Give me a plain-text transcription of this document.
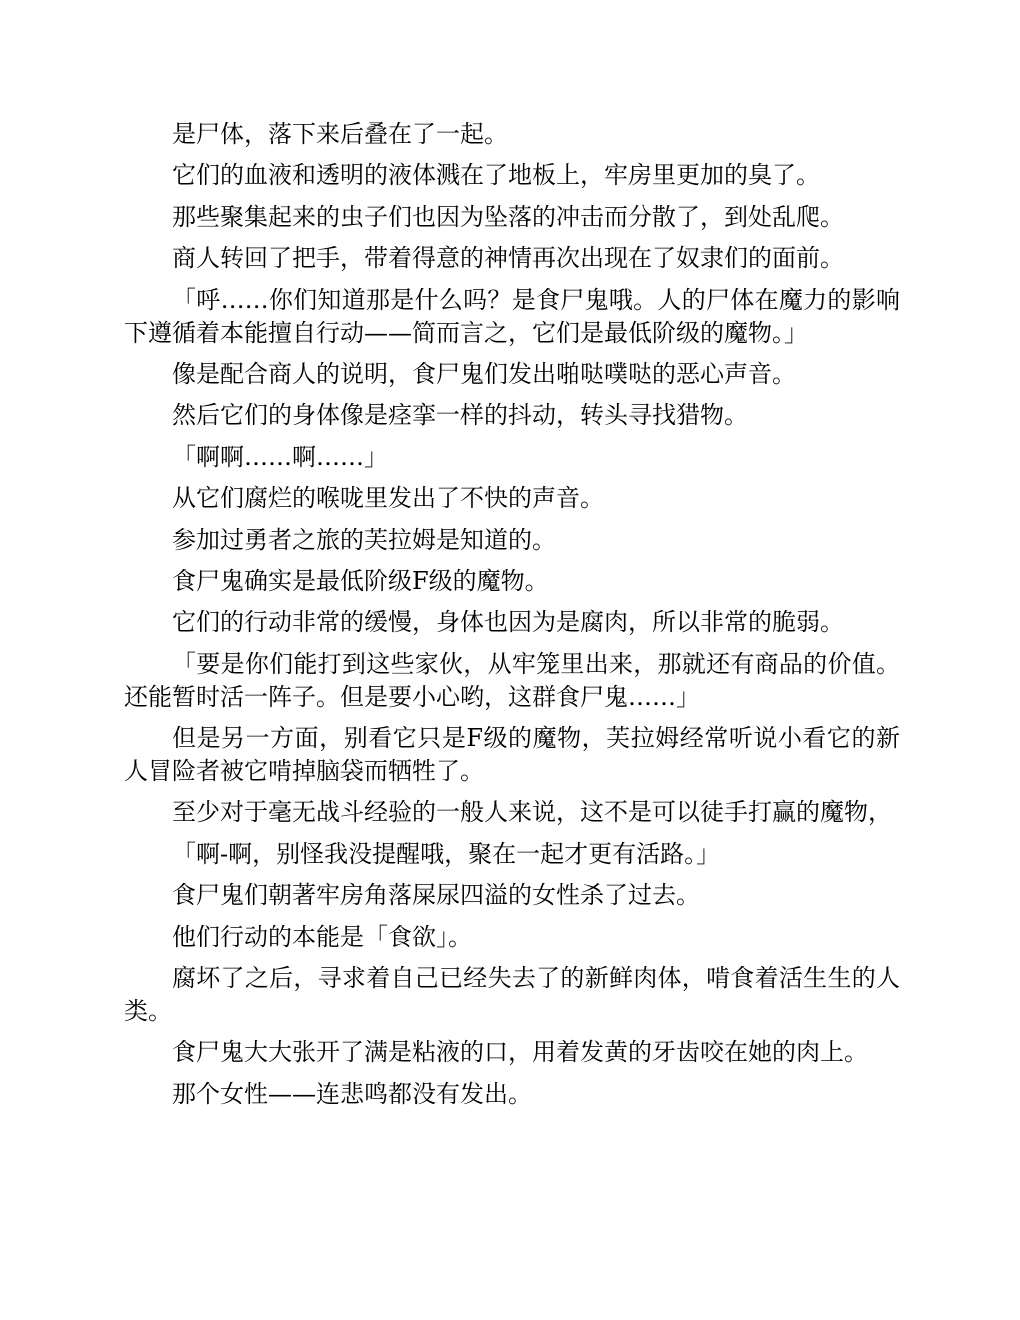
是尸体，落下来后叠在了一起。

它们的血液和透明的液体溅在了地板上，牢房里更加的臭了。

那些聚集起来的虫子们也因为坠落的冲击而分散了，到处乱爬。

商人转回了把手，带着得意的神情再次出现在了奴隶们的面前。

「呼……你们知道那是什么吗？是食尸鬼哦。人的尸体在魔力的影响下遵循着本能擅自行动——简而言之，它们是最低阶级的魔物。」

像是配合商人的说明，食尸鬼们发出啪哒噗哒的恶心声音。

然后它们的身体像是痉挛一样的抖动，转头寻找猎物。

「啊啊……啊……」

从它们腐烂的喉咙里发出了不快的声音。

参加过勇者之旅的芙拉姆是知道的。

食尸鬼确实是最低阶级F级的魔物。

它们的行动非常的缓慢，身体也因为是腐肉，所以非常的脆弱。

「要是你们能打到这些家伙，从牢笼里出来，那就还有商品的价值。还能暂时活一阵子。但是要小心哟，这群食尸鬼……」

但是另一方面，别看它只是F级的魔物，芙拉姆经常听说小看它的新人冒险者被它啃掉脑袋而牺牲了。

至少对于毫无战斗经验的一般人来说，这不是可以徒手打赢的魔物，

「啊-啊，别怪我没提醒哦，聚在一起才更有活路。」

食尸鬼们朝著牢房角落屎尿四溢的女性杀了过去。

他们行动的本能是「食欲」。

腐坏了之后，寻求着自己已经失去了的新鲜肉体，啃食着活生生的人类。

食尸鬼大大张开了满是粘液的口，用着发黄的牙齿咬在她的肉上。

那个女性——连悲鸣都没有发出。
